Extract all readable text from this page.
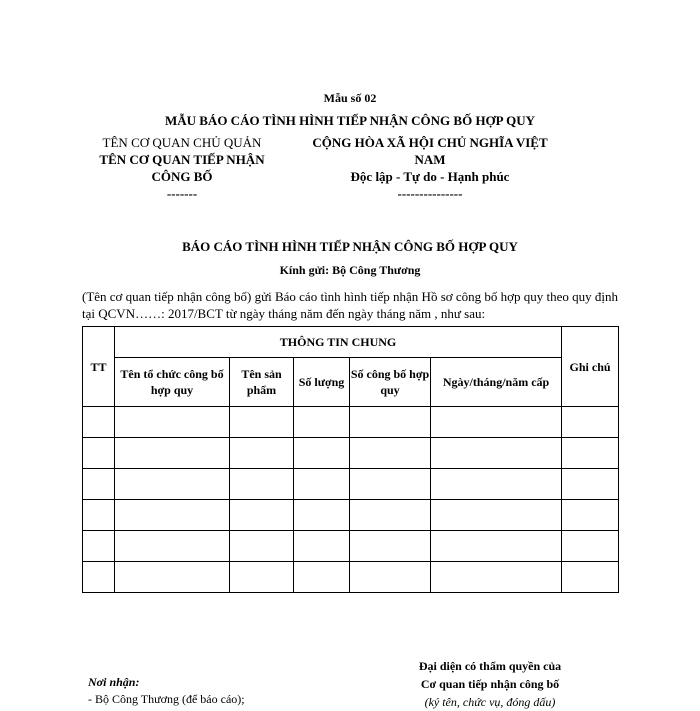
Mẫu số 02
MẪU BÁO CÁO TÌNH HÌNH TIẾP NHẬN CÔNG BỐ HỢP QUY
TÊN CƠ QUAN CHỦ QUẢN
TÊN CƠ QUAN TIẾP NHẬN
CÔNG BỐ
-------
CỘNG HÒA XÃ HỘI CHỦ NGHĨA VIỆT NAM
Độc lập - Tự do - Hạnh phúc
---------------
BÁO CÁO TÌNH HÌNH TIẾP NHẬN CÔNG BỐ HỢP QUY
Kính gửi: Bộ Công Thương
(Tên cơ quan tiếp nhận công bố) gửi Báo cáo tình hình tiếp nhận Hồ sơ công bố hợp quy theo quy định tại QCVN……: 2017/BCT từ ngày tháng năm đến ngày tháng năm , như sau:
TT	THÔNG TIN CHUNG					Ghi chú
	Tên tổ chức công bố hợp quy	Tên sản phẩm	Số lượng	Số công bố hợp quy	Ngày/tháng/năm cấp	

Đại diện có thẩm quyền của
Cơ quan tiếp nhận công bố
(ký tên, chức vụ, đóng dấu)
Nơi nhận:
- Bộ Công Thương (để báo cáo);
